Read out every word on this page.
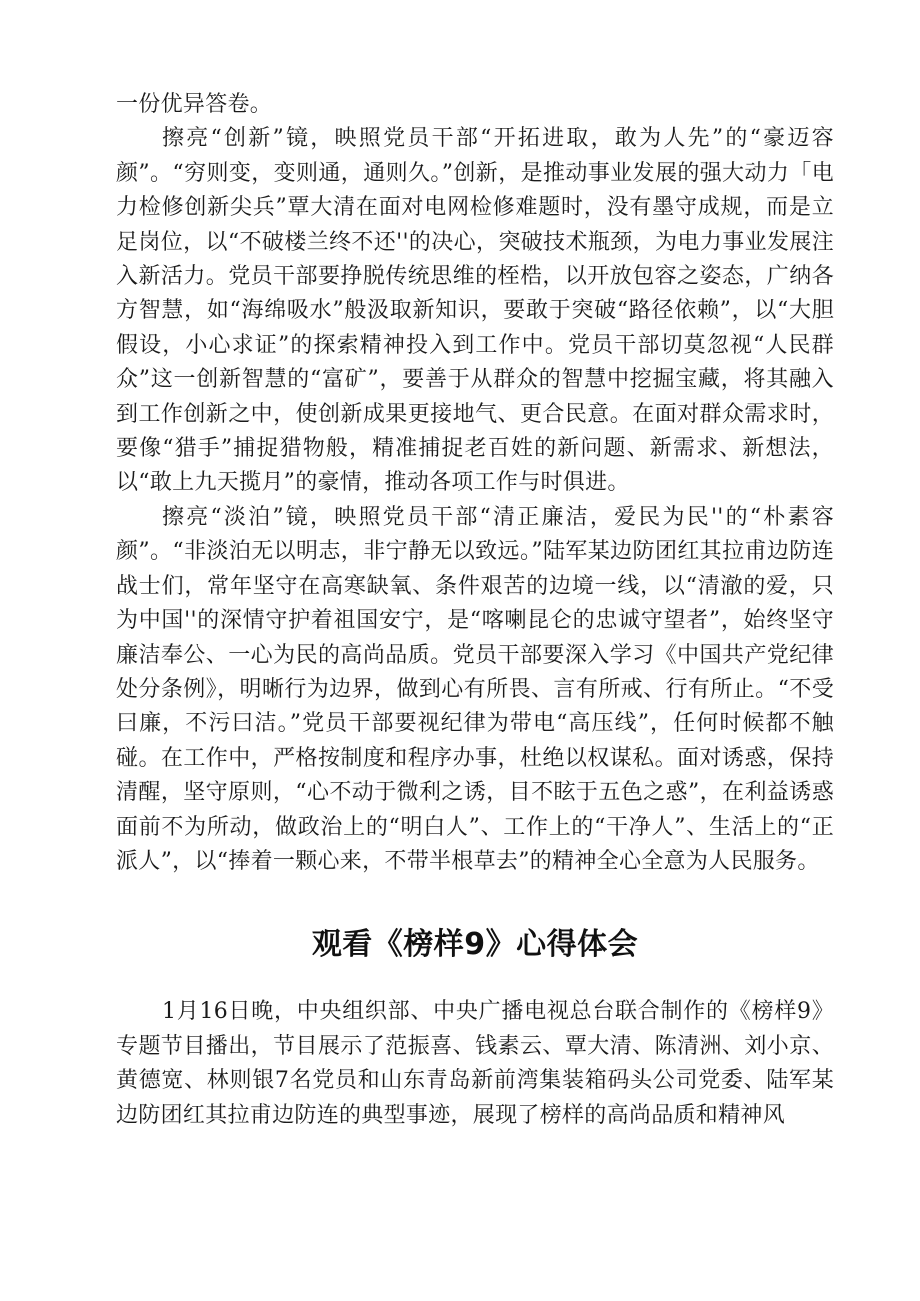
一份优异答卷。

擦亮“创新”镜，映照党员干部“开拓进取，敢为人先”的“豪迈容颜”。“穷则变，变则通，通则久。”创新，是推动事业发展的强大动力「电力检修创新尖兵”覃大清在面对电网检修难题时，没有墨守成规，而是立足岗位，以“不破楼兰终不还''的决心，突破技术瓶颈，为电力事业发展注入新活力。党员干部要挣脱传统思维的桎梏，以开放包容之姿态，广纳各方智慧，如“海绵吸水”般汲取新知识，要敢于突破“路径依赖”，以“大胆假设，小心求证”的探索精神投入到工作中。党员干部切莫忽视“人民群众”这一创新智慧的“富矿”，要善于从群众的智慧中挖掘宝藏，将其融入到工作创新之中，使创新成果更接地气、更合民意。在面对群众需求时，要像“猎手”捕捉猎物般，精准捕捉老百姓的新问题、新需求、新想法，以“敢上九天揽月”的豪情，推动各项工作与时俱进。

擦亮“淡泊”镜，映照党员干部“清正廉洁，爱民为民''的“朴素容颜”。“非淡泊无以明志，非宁静无以致远。”陆军某边防团红其拉甫边防连战士们，常年坚守在高寒缺氧、条件艰苦的边境一线，以“清澈的爱，只为中国''的深情守护着祖国安宁，是“喀喇昆仑的忠诚守望者”，始终坚守廉洁奉公、一心为民的高尚品质。党员干部要深入学习《中国共产党纪律处分条例》，明晰行为边界，做到心有所畏、言有所戒、行有所止。“不受曰廉，不污曰洁。”党员干部要视纪律为带电“高压线”，任何时候都不触碰。在工作中，严格按制度和程序办事，杜绝以权谋私。面对诱惑，保持清醒，坚守原则，“心不动于微利之诱，目不眩于五色之惑”，在利益诱惑面前不为所动，做政治上的“明白人”、工作上的“干净人”、生活上的“正派人”，以“捧着一颗心来，不带半根草去”的精神全心全意为人民服务。

观看《榜样9》心得体会

1月16日晚，中央组织部、中央广播电视总台联合制作的《榜样9》专题节目播出，节目展示了范振喜、钱素云、覃大清、陈清洲、刘小京、黄德宽、林则银7名党员和山东青岛新前湾集装箱码头公司党委、陆军某边防团红其拉甫边防连的典型事迹，展现了榜样的高尚品质和精神风
